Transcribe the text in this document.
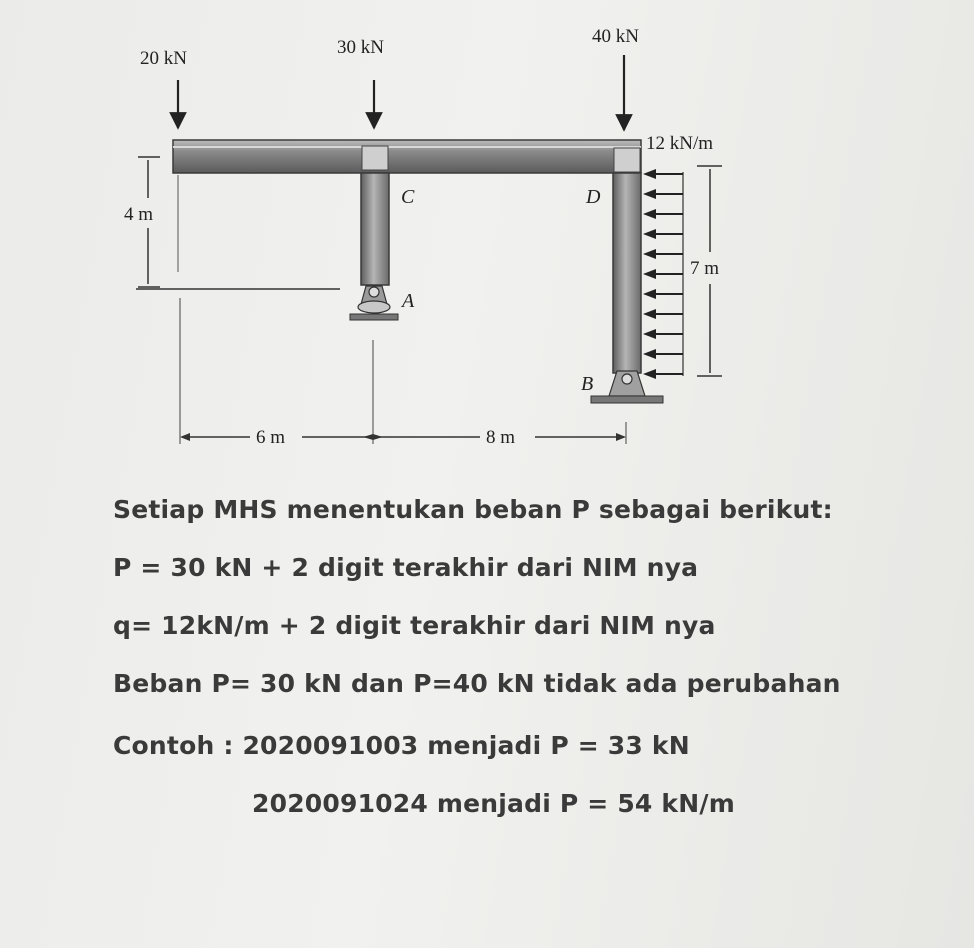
20 kN
30 kN
40 kN
12 kN/m
4 m
7 m
6 m	8 m
C	D
A
B
Setiap MHS menentukan beban P sebagai berikut:
P = 30 kN + 2 digit terakhir dari NIM nya
q= 12kN/m + 2 digit terakhir dari NIM nya
Beban P= 30 kN dan P=40 kN tidak ada perubahan
Contoh : 2020091003 menjadi P = 33 kN
2020091024 menjadi P = 54 kN/m
